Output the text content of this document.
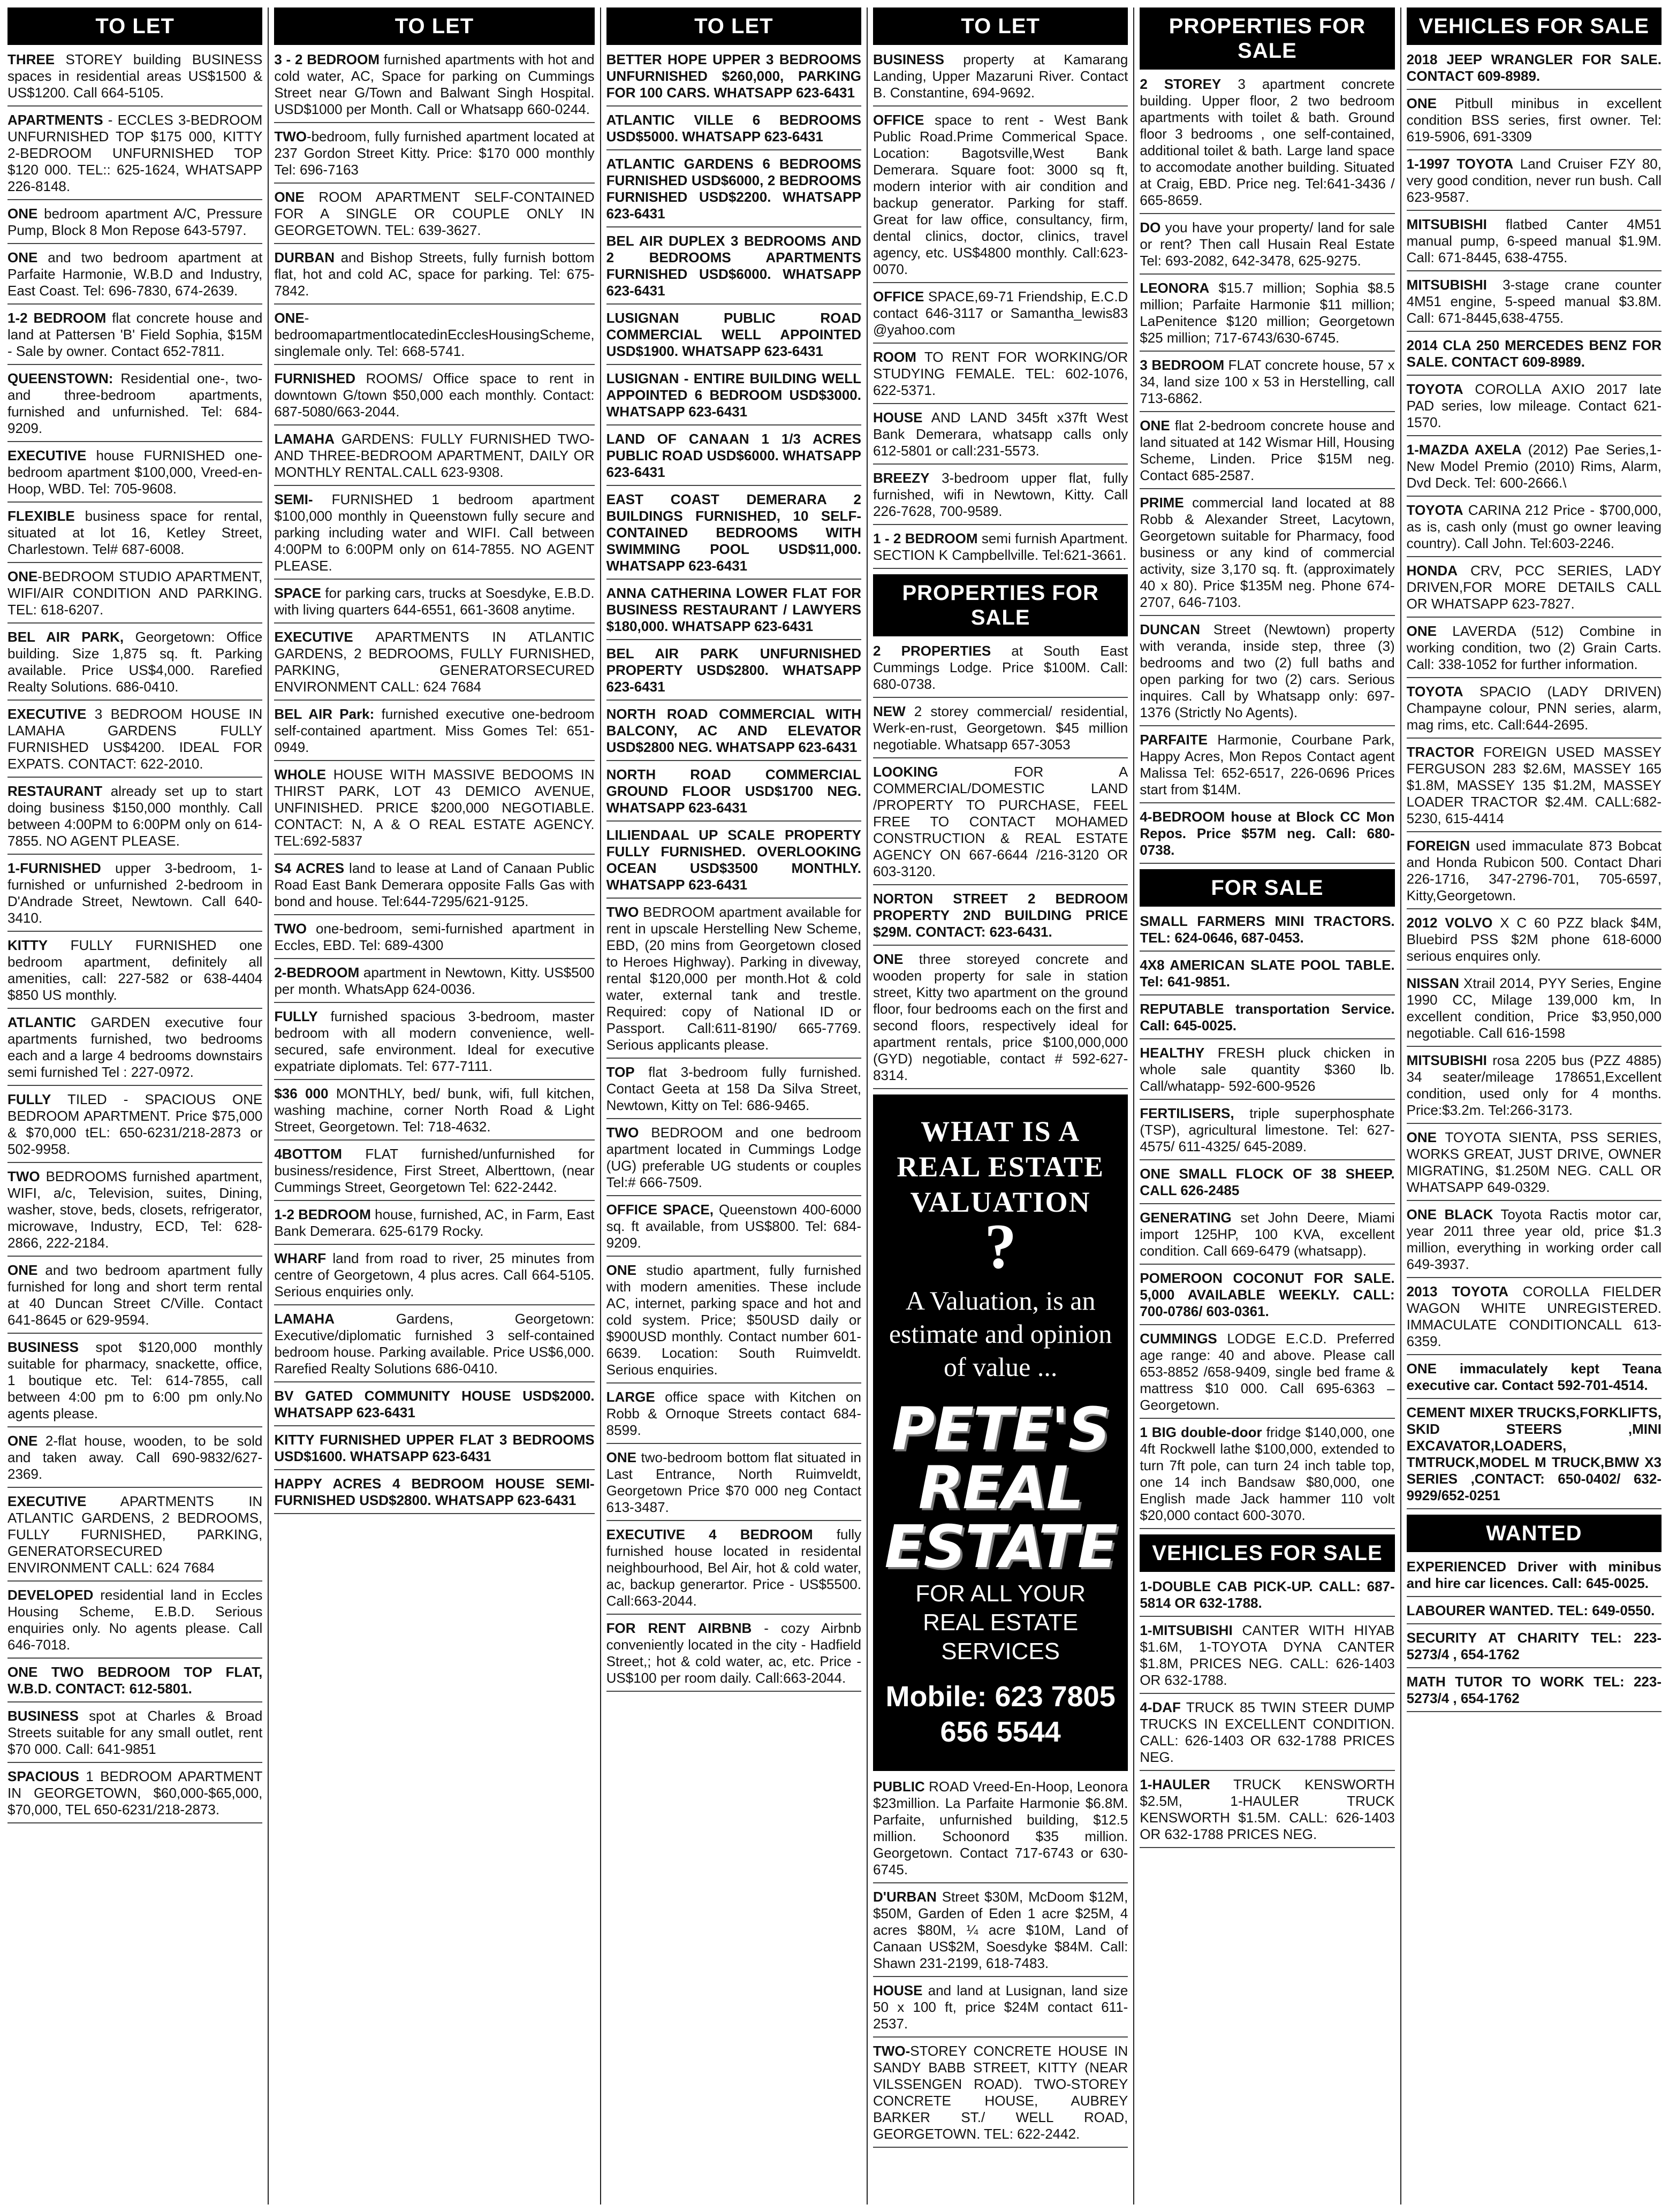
TO LET
THREE STOREY building BUSINESS spaces in residential areas US$1500 & US$1200. Call 664-5105.
APARTMENTS - ECCLES 3-BEDROOM UNFURNISHED TOP $175 000, KITTY 2-BEDROOM UNFURNISHED TOP $120 000. TEL:: 625-1624, WHATSAPP 226-8148.
ONE bedroom apartment A/C, Pressure Pump, Block 8 Mon Repose 643-5797.
ONE and two bedroom apartment at Parfaite Harmonie, W.B.D and Industry, East Coast. Tel: 696-7830, 674-2639.
1-2 BEDROOM flat concrete house and land at Pattersen 'B' Field Sophia, $15M - Sale by owner. Contact 652-7811.
QUEENSTOWN: Residential one-, two- and three-bedroom apartments, furnished and unfurnished. Tel: 684-9209.
EXECUTIVE house FURNISHED one-bedroom apartment $100,000, Vreed-en-Hoop, WBD. Tel: 705-9608.
FLEXIBLE business space for rental, situated at lot 16, Ketley Street, Charlestown. Tel# 687-6008.
ONE-BEDROOM STUDIO APARTMENT, WIFI/AIR CONDITION AND PARKING. TEL: 618-6207.
BEL AIR PARK, Georgetown: Office building. Size 1,875 sq. ft. Parking available. Price US$4,000. Rarefied Realty Solutions. 686-0410.
EXECUTIVE 3 BEDROOM HOUSE IN LAMAHA GARDENS FULLY FURNISHED US$4200. IDEAL FOR EXPATS. CONTACT: 622-2010.
RESTAURANT already set up to start doing business $150,000 monthly. Call between 4:00PM to 6:00PM only on 614-7855. NO AGENT PLEASE.
1-FURNISHED upper 3-bedroom, 1-furnished or unfurnished 2-bedroom in D'Andrade Street, Newtown. Call 640-3410.
KITTY FULLY FURNISHED one bedroom apartment, definitely all amenities, call: 227-582 or 638-4404 $850 US monthly.
ATLANTIC GARDEN executive four apartments furnished, two bedrooms each and a large 4 bedrooms downstairs semi furnished Tel : 227-0972.
FULLY TILED - SPACIOUS ONE BEDROOM APARTMENT. Price $75,000 & $70,000 tEL: 650-6231/218-2873 or 502-9958.
TWO BEDROOMS furnished apartment, WIFI, a/c, Television, suites, Dining, washer, stove, beds, closets, refrigerator, microwave, Industry, ECD, Tel: 628-2866, 222-2184.
ONE and two bedroom apartment fully furnished for long and short term rental at 40 Duncan Street C/Ville. Contact 641-8645 or 629-9594.
BUSINESS spot $120,000 monthly suitable for pharmacy, snackette, office, 1 boutique etc. Tel: 614-7855, call between 4:00 pm to 6:00 pm only.No agents please.
ONE 2-flat house, wooden, to be sold and taken away. Call 690-9832/627-2369.
EXECUTIVE APARTMENTS IN ATLANTIC GARDENS, 2 BEDROOMS, FULLY FURNISHED, PARKING, GENERATORSECURED ENVIRONMENT CALL: 624 7684
DEVELOPED residential land in Eccles Housing Scheme, E.B.D. Serious enquiries only. No agents please. Call 646-7018.
ONE TWO BEDROOM TOP FLAT, W.B.D. CONTACT: 612-5801.
BUSINESS spot at Charles & Broad Streets suitable for any small outlet, rent $70 000. Call: 641-9851
SPACIOUS 1 BEDROOM APARTMENT IN GEORGETOWN, $60,000-$65,000, $70,000, TEL 650-6231/218-2873.
TO LET
3 - 2 BEDROOM furnished apartments with hot and cold water, AC, Space for parking on Cummings Street near G/Town and Balwant Singh Hospital. USD$1000 per Month. Call or Whatsapp 660-0244.
TWO-bedroom, fully furnished apartment located at 237 Gordon Street Kitty. Price: $170 000 monthly Tel: 696-7163
ONE ROOM APARTMENT SELF-CONTAINED FOR A SINGLE OR COUPLE ONLY IN GEORGETOWN. TEL: 639-3627.
DURBAN and Bishop Streets, fully furnish bottom flat, hot and cold AC, space for parking. Tel: 675-7842.
ONE-bedroomapartmentlocatedinEcclesHousingScheme, singlemale only. Tel: 668-5741.
FURNISHED ROOMS/ Office space to rent in downtown G/town $50,000 each monthly. Contact: 687-5080/663-2044.
LAMAHA GARDENS: FULLY FURNISHED TWO- AND THREE-BEDROOM APARTMENT, DAILY OR MONTHLY RENTAL.CALL 623-9308.
SEMI- FURNISHED 1 bedroom apartment $100,000 monthly in Queenstown fully secure and parking including water and WIFI. Call between 4:00PM to 6:00PM only on 614-7855. NO AGENT PLEASE.
SPACE for parking cars, trucks at Soesdyke, E.B.D. with living quarters 644-6551, 661-3608 anytime.
EXECUTIVE APARTMENTS IN ATLANTIC GARDENS, 2 BEDROOMS, FULLY FURNISHED, PARKING, GENERATORSECURED ENVIRONMENT CALL: 624 7684
BEL AIR Park: furnished executive one-bedroom self-contained apartment. Miss Gomes Tel: 651-0949.
WHOLE HOUSE WITH MASSIVE BEDOOMS IN THIRST PARK, LOT 43 DEMICO AVENUE, UNFINISHED. PRICE $200,000 NEGOTIABLE. CONTACT: N, A & O REAL ESTATE AGENCY. TEL:692-5837
S4 ACRES land to lease at Land of Canaan Public Road East Bank Demerara opposite Falls Gas with bond and house. Tel:644-7295/621-9125.
TWO one-bedroom, semi-furnished apartment in Eccles, EBD. Tel: 689-4300
2-BEDROOM apartment in Newtown, Kitty. US$500 per month. WhatsApp 624-0036.
FULLY furnished spacious 3-bedroom, master bedroom with all modern convenience, well-secured, safe environment. Ideal for executive expatriate diplomats. Tel: 677-7111.
$36 000 MONTHLY, bed/ bunk, wifi, full kitchen, washing machine, corner North Road & Light Street, Georgetown. Tel: 718-4632.
4BOTTOM FLAT furnished/unfurnished for business/residence, First Street, Alberttown, (near Cummings Street, Georgetown Tel: 622-2442.
1-2 BEDROOM house, furnished, AC, in Farm, East Bank Demerara. 625-6179 Rocky.
WHARF land from road to river, 25 minutes from centre of Georgetown, 4 plus acres. Call 664-5105. Serious enquiries only.
LAMAHA Gardens, Georgetown: Executive/diplomatic furnished 3 self-contained bedroom house. Parking available. Price US$6,000. Rarefied Realty Solutions 686-0410.
BV GATED COMMUNITY HOUSE USD$2000. WHATSAPP 623-6431
KITTY FURNISHED UPPER FLAT 3 BEDROOMS USD$1600. WHATSAPP 623-6431
HAPPY ACRES 4 BEDROOM HOUSE SEMI-FURNISHED USD$2800. WHATSAPP 623-6431
TO LET
BETTER HOPE UPPER 3 BEDROOMS UNFURNISHED $260,000, PARKING FOR 100 CARS. WHATSAPP 623-6431
ATLANTIC VILLE 6 BEDROOMS USD$5000. WHATSAPP 623-6431
ATLANTIC GARDENS 6 BEDROOMS FURNISHED USD$6000, 2 BEDROOMS FURNISHED USD$2200. WHATSAPP 623-6431
BEL AIR DUPLEX 3 BEDROOMS AND 2 BEDROOMS APARTMENTS FURNISHED USD$6000. WHATSAPP 623-6431
LUSIGNAN PUBLIC ROAD COMMERCIAL WELL APPOINTED USD$1900. WHATSAPP 623-6431
LUSIGNAN - ENTIRE BUILDING WELL APPOINTED 6 BEDROOM USD$3000. WHATSAPP 623-6431
LAND OF CANAAN 1 1/3 ACRES PUBLIC ROAD USD$6000. WHATSAPP 623-6431
EAST COAST DEMERARA 2 BUILDINGS FURNISHED, 10 SELF-CONTAINED BEDROOMS WITH SWIMMING POOL USD$11,000. WHATSAPP 623-6431
ANNA CATHERINA LOWER FLAT FOR BUSINESS RESTAURANT / LAWYERS $180,000. WHATSAPP 623-6431
BEL AIR PARK UNFURNISHED PROPERTY USD$2800. WHATSAPP 623-6431
NORTH ROAD COMMERCIAL WITH BALCONY, AC AND ELEVATOR USD$2800 NEG. WHATSAPP 623-6431
NORTH ROAD COMMERCIAL GROUND FLOOR USD$1700 NEG. WHATSAPP 623-6431
LILIENDAAL UP SCALE PROPERTY FULLY FURNISHED. OVERLOOKING OCEAN USD$3500 MONTHLY. WHATSAPP 623-6431
TWO BEDROOM apartment available for rent in upscale Herstelling New Scheme, EBD, (20 mins from Georgetown closed to Heroes Highway). Parking in diveway, rental $120,000 per month.Hot & cold water, external tank and trestle. Required: copy of National ID or Passport. Call:611-8190/ 665-7769. Serious applicants please.
TOP flat 3-bedroom fully furnished. Contact Geeta at 158 Da Silva Street, Newtown, Kitty on Tel: 686-9465.
TWO BEDROOM and one bedroom apartment located in Cummings Lodge (UG) preferable UG students or couples Tel:# 666-7509.
OFFICE SPACE, Queenstown 400-6000 sq. ft available, from US$800. Tel: 684-9209.
ONE studio apartment, fully furnished with modern amenities. These include AC, internet, parking space and hot and cold system. Price; $50USD daily or $900USD monthly. Contact number 601-6639. Location: South Ruimveldt. Serious enquiries.
LARGE office space with Kitchen on Robb & Ornoque Streets contact 684-8599.
ONE two-bedroom bottom flat situated in Last Entrance, North Ruimveldt, Georgetown Price $70 000 neg Contact 613-3487.
EXECUTIVE 4 BEDROOM fully furnished house located in residental neighbourhood, Bel Air, hot & cold water, ac, backup generartor. Price - US$5500. Call:663-2044.
FOR RENT AIRBNB - cozy Airbnb conveniently located in the city - Hadfield Street,; hot & cold water, ac, etc. Price - US$100 per room daily. Call:663-2044.
TO LET
BUSINESS property at Kamarang Landing, Upper Mazaruni River. Contact B. Constantine, 694-9692.
OFFICE space to rent - West Bank Public Road.Prime Commerical Space. Location: Bagotsville,West Bank Demerara. Square foot: 3000 sq ft, modern interior with air condition and backup generator. Parking for staff. Great for law office, consultancy, firm, dental clinics, doctor, clinics, travel agency, etc. US$4800 monthly. Call:623-0070.
OFFICE SPACE,69-71 Friendship, E.C.D contact 646-3117 or Samantha_lewis83 @yahoo.com
ROOM TO RENT FOR WORKING/OR STUDYING FEMALE. TEL: 602-1076, 622-5371.
HOUSE AND LAND 345ft x37ft West Bank Demerara, whatsapp calls only 612-5801 or call:231-5573.
BREEZY 3-bedroom upper flat, fully furnished, wifi in Newtown, Kitty. Call 226-7628, 700-9589.
1 - 2 BEDROOM semi furnish Apartment. SECTION K Campbellville. Tel:621-3661.
PROPERTIES FOR SALE
2 PROPERTIES at South East Cummings Lodge. Price $100M. Call: 680-0738.
NEW 2 storey commercial/ residential, Werk-en-rust, Georgetown. $45 million negotiable. Whatsapp 657-3053
LOOKING FOR A COMMERCIAL/DOMESTIC LAND /PROPERTY TO PURCHASE, FEEL FREE TO CONTACT MOHAMED CONSTRUCTION & REAL ESTATE AGENCY ON 667-6644 /216-3120 OR 603-3120.
NORTON STREET 2 BEDROOM PROPERTY 2ND BUILDING PRICE $29M. CONTACT: 623-6431.
ONE three storeyed concrete and wooden property for sale in station street, Kitty two apartment on the ground floor, four bedrooms each on the first and second floors, respectively ideal for apartment rentals, price $100,000,000 (GYD) negotiable, contact # 592-627-8314.
WHAT IS A REAL ESTATE VALUATION
?
A Valuation, is an estimate and opinion of value ...
PETE'S REAL ESTATE
FOR ALL YOUR REAL ESTATE SERVICES
Mobile: 623 7805 656 5544
PUBLIC ROAD Vreed-En-Hoop, Leonora $23million. La Parfaite Harmonie $6.8M. Parfaite, unfurnished building, $12.5 million. Schoonord $35 million. Georgetown. Contact 717-6743 or 630-6745.
D'URBAN Street $30M, McDoom $12M, $50M, Garden of Eden 1 acre $25M, 4 acres $80M, ¼ acre $10M, Land of Canaan US$2M, Soesdyke $84M. Call: Shawn 231-2199, 618-7483.
HOUSE and land at Lusignan, land size 50 x 100 ft, price $24M contact 611-2537.
TWO-STOREY CONCRETE HOUSE IN SANDY BABB STREET, KITTY (NEAR VILSSENGEN ROAD). TWO-STOREY CONCRETE HOUSE, AUBREY BARKER ST./ WELL ROAD, GEORGETOWN. TEL: 622-2442.
PROPERTIES FOR SALE
2 STOREY 3 apartment concrete building. Upper floor, 2 two bedroom apartments with toilet & bath. Ground floor 3 bedrooms , one self-contained, additional toilet & bath. Large land space to accomodate another building. Situated at Craig, EBD. Price neg. Tel:641-3436 / 665-8659.
DO you have your property/ land for sale or rent? Then call Husain Real Estate Tel: 693-2082, 642-3478, 625-9275.
LEONORA $15.7 million; Sophia $8.5 million; Parfaite Harmonie $11 million; LaPenitence $120 million; Georgetown $25 million; 717-6743/630-6745.
3 BEDROOM FLAT concrete house, 57 x 34, land size 100 x 53 in Herstelling, call 713-6862.
ONE flat 2-bedroom concrete house and land situated at 142 Wismar Hill, Housing Scheme, Linden. Price $15M neg. Contact 685-2587.
PRIME commercial land located at 88 Robb & Alexander Street, Lacytown, Georgetown suitable for Pharmacy, food business or any kind of commercial activity, size 3,170 sq. ft. (approximately 40 x 80). Price $135M neg. Phone 674-2707, 646-7103.
DUNCAN Street (Newtown) property with veranda, inside step, three (3) bedrooms and two (2) full baths and open parking for two (2) cars. Serious inquires. Call by Whatsapp only: 697-1376 (Strictly No Agents).
PARFAITE Harmonie, Courbane Park, Happy Acres, Mon Repos Contact agent Malissa Tel: 652-6517, 226-0696 Prices start from $14M.
4-BEDROOM house at Block CC Mon Repos. Price $57M neg. Call: 680-0738.
FOR SALE
SMALL FARMERS MINI TRACTORS. TEL: 624-0646, 687-0453.
4X8 AMERICAN SLATE POOL TABLE. Tel: 641-9851.
REPUTABLE transportation Service. Call: 645-0025.
HEALTHY FRESH pluck chicken in whole sale quantity $360 lb. Call/whatapp- 592-600-9526
FERTILISERS, triple superphosphate (TSP), agricultural limestone. Tel: 627-4575/ 611-4325/ 645-2089.
ONE SMALL FLOCK OF 38 SHEEP. CALL 626-2485
GENERATING set John Deere, Miami import 125HP, 100 KVA, excellent condition. Call 669-6479 (whatsapp).
POMEROON COCONUT FOR SALE. 5,000 AVAILABLE WEEKLY. CALL: 700-0786/ 603-0361.
CUMMINGS LODGE E.C.D. Preferred age range: 40 and above. Please call 653-8852 /658-9409, single bed frame & mattress $10 000. Call 695-6363 – Georgetown.
1 BIG double-door fridge $140,000, one 4ft Rockwell lathe $100,000, extended to turn 7ft pole, can turn 24 inch table top, one 14 inch Bandsaw $80,000, one English made Jack hammer 110 volt $20,000 contact 600-3070.
VEHICLES FOR SALE
1-DOUBLE CAB PICK-UP. CALL: 687-5814 OR 632-1788.
1-MITSUBISHI CANTER WITH HIYAB $1.6M, 1-TOYOTA DYNA CANTER $1.8M, PRICES NEG. CALL: 626-1403 OR 632-1788.
4-DAF TRUCK 85 TWIN STEER DUMP TRUCKS IN EXCELLENT CONDITION. CALL: 626-1403 OR 632-1788 PRICES NEG.
1-HAULER TRUCK KENSWORTH $2.5M, 1-HAULER TRUCK KENSWORTH $1.5M. CALL: 626-1403 OR 632-1788 PRICES NEG.
VEHICLES FOR SALE
2018 JEEP WRANGLER FOR SALE. CONTACT 609-8989.
ONE Pitbull minibus in excellent condition BSS series, first owner. Tel: 619-5906, 691-3309
1-1997 TOYOTA Land Cruiser FZY 80, very good condition, never run bush. Call 623-9587.
MITSUBISHI flatbed Canter 4M51 manual pump, 6-speed manual $1.9M. Call: 671-8445, 638-4755.
MITSUBISHI 3-stage crane counter 4M51 engine, 5-speed manual $3.8M. Call: 671-8445,638-4755.
2014 CLA 250 MERCEDES BENZ FOR SALE. CONTACT 609-8989.
TOYOTA COROLLA AXIO 2017 late PAD series, low mileage. Contact 621-1570.
1-MAZDA AXELA (2012) Pae Series,1- New Model Premio (2010) Rims, Alarm, Dvd Deck. Tel: 600-2666.\
TOYOTA CARINA 212 Price - $700,000, as is, cash only (must go owner leaving country). Call John. Tel:603-2246.
HONDA CRV, PCC SERIES, LADY DRIVEN,FOR MORE DETAILS CALL OR WHATSAPP 623-7827.
ONE LAVERDA (512) Combine in working condition, two (2) Grain Carts. Call: 338-1052 for further information.
TOYOTA SPACIO (LADY DRIVEN) Champayne colour, PNN series, alarm, mag rims, etc. Call:644-2695.
TRACTOR FOREIGN USED MASSEY FERGUSON 283 $2.6M, MASSEY 165 $1.8M, MASSEY 135 $1.2M, MASSEY LOADER TRACTOR $2.4M. CALL:682-5230, 615-4414
FOREIGN used immaculate 873 Bobcat and Honda Rubicon 500. Contact Dhari 226-1716, 347-2796-701, 705-6597, Kitty,Georgetown.
2012 VOLVO X C 60 PZZ black $4M, Bluebird PSS $2M phone 618-6000 serious enquires only.
NISSAN Xtrail 2014, PYY Series, Engine 1990 CC, Milage 139,000 km, In excellent condition, Price $3,950,000 negotiable. Call 616-1598
MITSUBISHI rosa 2205 bus (PZZ 4885) 34 seater/mileage 178651,Excellent condition, used only for 4 months. Price:$3.2m. Tel:266-3173.
ONE TOYOTA SIENTA, PSS SERIES, WORKS GREAT, JUST DRIVE, OWNER MIGRATING, $1.250M NEG. CALL OR WHATSAPP 649-0329.
ONE BLACK Toyota Ractis motor car, year 2011 three year old, price $1.3 million, everything in working order call 649-3937.
2013 TOYOTA COROLLA FIELDER WAGON WHITE UNREGISTERED. IMMACULATE CONDITIONCALL 613-6359.
ONE immaculately kept Teana executive car. Contact 592-701-4514.
CEMENT MIXER TRUCKS,FORKLIFTS, SKID STEERS ,MINI EXCAVATOR,LOADERS, TMTRUCK,MODEL M TRUCK,BMW X3 SERIES ,CONTACT: 650-0402/ 632-9929/652-0251
WANTED
EXPERIENCED Driver with minibus and hire car licences. Call: 645-0025.
LABOURER WANTED. TEL: 649-0550.
SECURITY AT CHARITY TEL: 223-5273/4 , 654-1762
MATH TUTOR TO WORK TEL: 223-5273/4 , 654-1762
